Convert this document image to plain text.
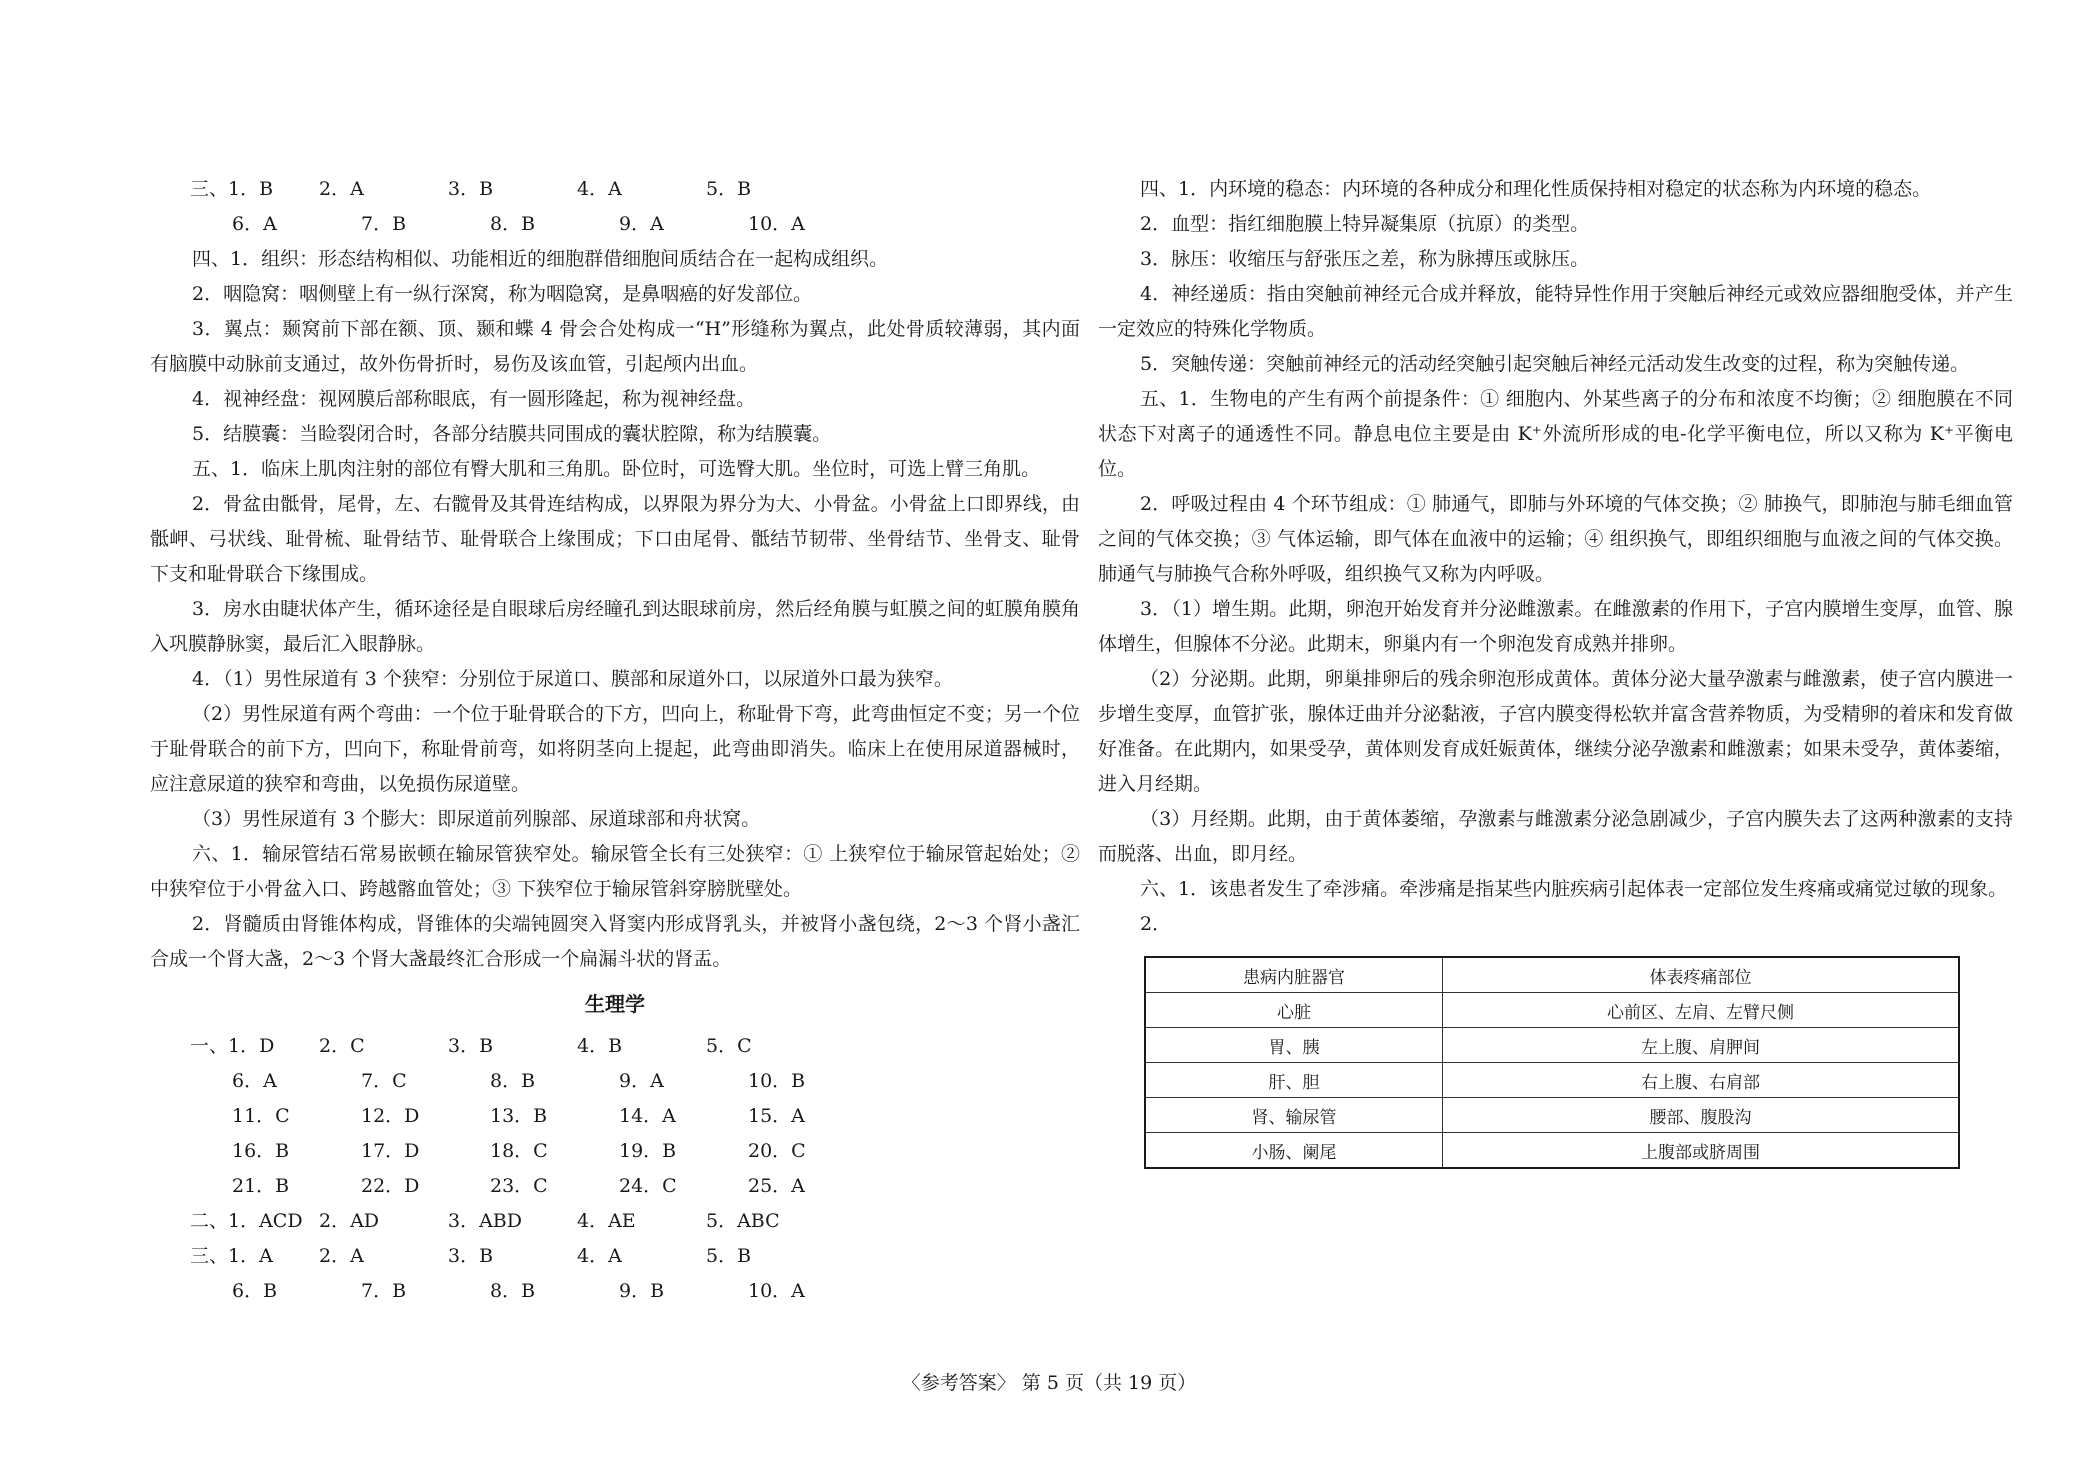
三、1．B	2．A	3．B	4．A	5．B
6．A	7．B	8．B	9．A	10．A

四、1．组织：形态结构相似、功能相近的细胞群借细胞间质结合在一起构成组织。

2．咽隐窝：咽侧壁上有一纵行深窝，称为咽隐窝，是鼻咽癌的好发部位。

3．翼点：颞窝前下部在额、顶、颞和蝶 4 骨会合处构成一“H”形缝称为翼点，此处骨质较薄弱，其内面有脑膜中动脉前支通过，故外伤骨折时，易伤及该血管，引起颅内出血。

4．视神经盘：视网膜后部称眼底，有一圆形隆起，称为视神经盘。

5．结膜囊：当睑裂闭合时，各部分结膜共同围成的囊状腔隙，称为结膜囊。

五、1．临床上肌肉注射的部位有臀大肌和三角肌。卧位时，可选臀大肌。坐位时，可选上臂三角肌。

2．骨盆由骶骨，尾骨，左、右髋骨及其骨连结构成，以界限为界分为大、小骨盆。小骨盆上口即界线，由骶岬、弓状线、耻骨梳、耻骨结节、耻骨联合上缘围成；下口由尾骨、骶结节韧带、坐骨结节、坐骨支、耻骨下支和耻骨联合下缘围成。

3．房水由睫状体产生，循环途径是自眼球后房经瞳孔到达眼球前房，然后经角膜与虹膜之间的虹膜角膜角入巩膜静脉窦，最后汇入眼静脉。

4．（1）男性尿道有 3 个狭窄：分别位于尿道口、膜部和尿道外口，以尿道外口最为狭窄。

（2）男性尿道有两个弯曲：一个位于耻骨联合的下方，凹向上，称耻骨下弯，此弯曲恒定不变；另一个位于耻骨联合的前下方，凹向下，称耻骨前弯，如将阴茎向上提起，此弯曲即消失。临床上在使用尿道器械时，应注意尿道的狭窄和弯曲，以免损伤尿道壁。

（3）男性尿道有 3 个膨大：即尿道前列腺部、尿道球部和舟状窝。

六、1．输尿管结石常易嵌顿在输尿管狭窄处。输尿管全长有三处狭窄：① 上狭窄位于输尿管起始处；② 中狭窄位于小骨盆入口、跨越髂血管处；③ 下狭窄位于输尿管斜穿膀胱壁处。

2．肾髓质由肾锥体构成，肾锥体的尖端钝圆突入肾窦内形成肾乳头，并被肾小盏包绕，2～3 个肾小盏汇合成一个肾大盏，2～3 个肾大盏最终汇合形成一个扁漏斗状的肾盂。

生理学
一、1．D	2．C	3．B	4．B	5．C
6．A	7．C	8．B	9．A	10．B
11．C	12．D	13．B	14．A	15．A
16．B	17．D	18．C	19．B	20．C
21．B	22．D	23．C	24．C	25．A
二、1．ACD 2．AD	3．ABD	4．AE	5．ABC
三、1．A	2．A	3．B	4．A	5．B
6．B	7．B	8．B	9．B	10．A

四、1．内环境的稳态：内环境的各种成分和理化性质保持相对稳定的状态称为内环境的稳态。

2．血型：指红细胞膜上特异凝集原（抗原）的类型。

3．脉压：收缩压与舒张压之差，称为脉搏压或脉压。

4．神经递质：指由突触前神经元合成并释放，能特异性作用于突触后神经元或效应器细胞受体，并产生一定效应的特殊化学物质。

5．突触传递：突触前神经元的活动经突触引起突触后神经元活动发生改变的过程，称为突触传递。

五、1．生物电的产生有两个前提条件：① 细胞内、外某些离子的分布和浓度不均衡；② 细胞膜在不同状态下对离子的通透性不同。静息电位主要是由 K⁺外流所形成的电-化学平衡电位，所以又称为 K⁺平衡电位。

2．呼吸过程由 4 个环节组成：① 肺通气，即肺与外环境的气体交换；② 肺换气，即肺泡与肺毛细血管之间的气体交换；③ 气体运输，即气体在血液中的运输；④ 组织换气，即组织细胞与血液之间的气体交换。肺通气与肺换气合称外呼吸，组织换气又称为内呼吸。

3．（1）增生期。此期，卵泡开始发育并分泌雌激素。在雌激素的作用下，子宫内膜增生变厚，血管、腺体增生，但腺体不分泌。此期末，卵巢内有一个卵泡发育成熟并排卵。

（2）分泌期。此期，卵巢排卵后的残余卵泡形成黄体。黄体分泌大量孕激素与雌激素，使子宫内膜进一步增生变厚，血管扩张，腺体迂曲并分泌黏液，子宫内膜变得松软并富含营养物质，为受精卵的着床和发育做好准备。在此期内，如果受孕，黄体则发育成妊娠黄体，继续分泌孕激素和雌激素；如果未受孕，黄体萎缩，进入月经期。

（3）月经期。此期，由于黄体萎缩，孕激素与雌激素分泌急剧减少，子宫内膜失去了这两种激素的支持而脱落、出血，即月经。

六、1．该患者发生了牵涉痛。牵涉痛是指某些内脏疾病引起体表一定部位发生疼痛或痛觉过敏的现象。

2．

患病内脏器官	体表疼痛部位
心脏	心前区、左肩、左臂尺侧
胃、胰	左上腹、肩胛间
肝、胆	右上腹、右肩部
肾、输尿管	腰部、腹股沟
小肠、阑尾	上腹部或脐周围
〈参考答案〉 第 5 页（共 19 页）
